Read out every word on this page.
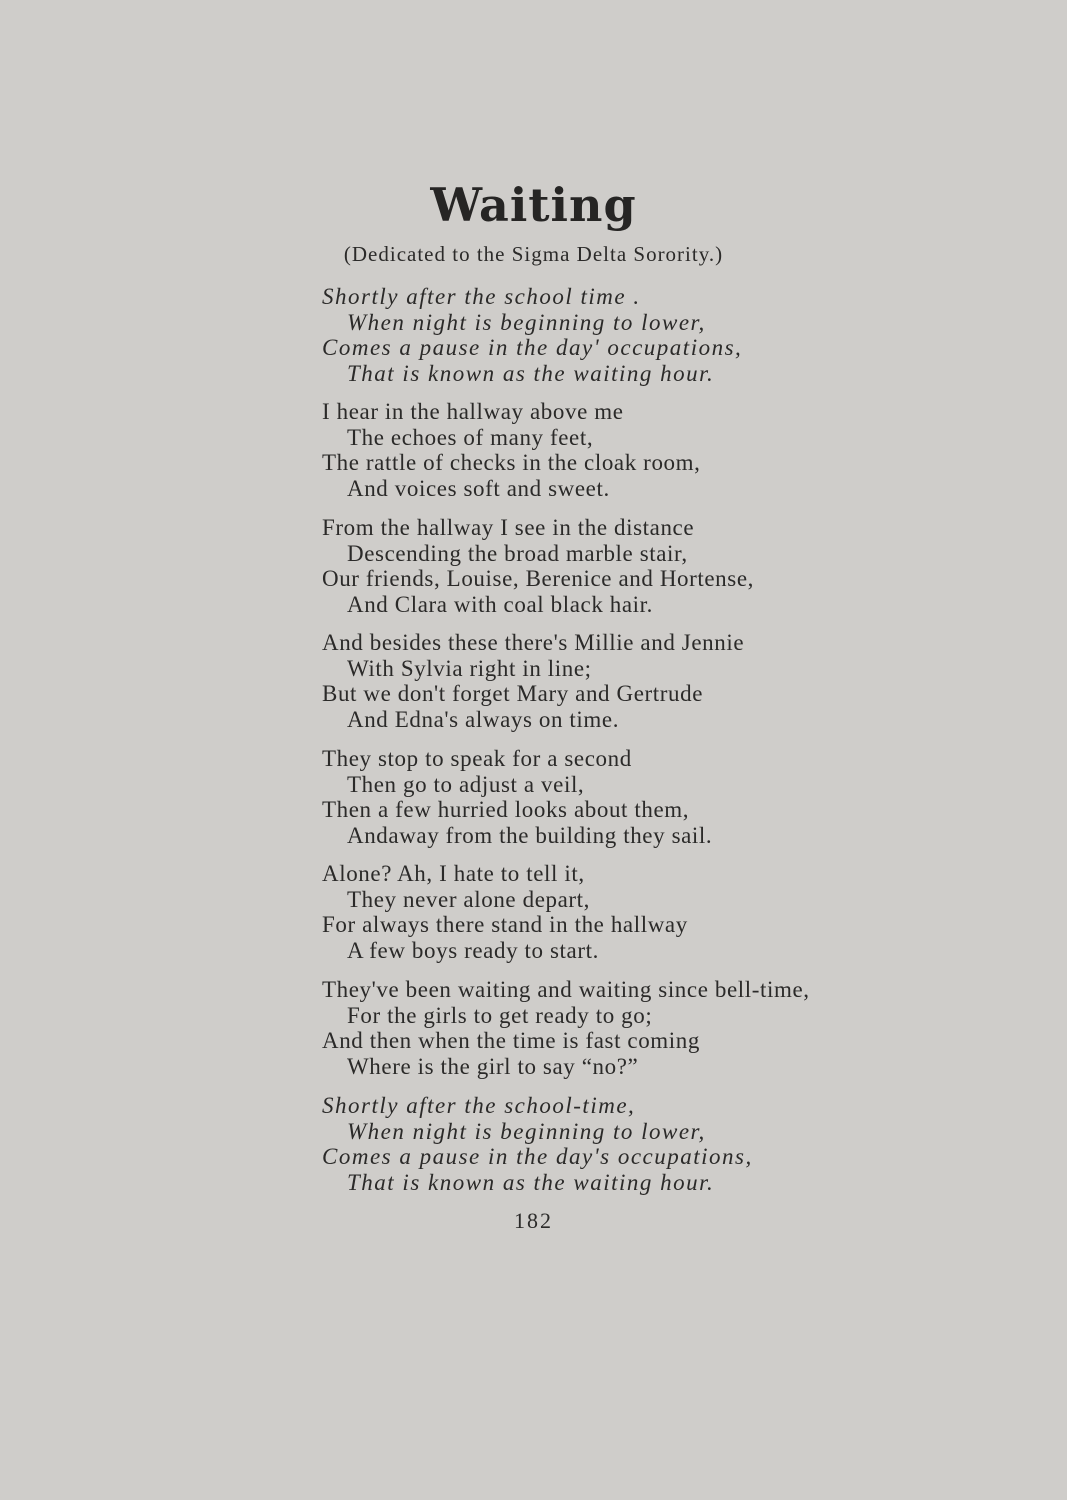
Waiting
(Dedicated to the Sigma Delta Sorority.)
Shortly after the school time .
When night is beginning to lower,
Comes a pause in the day' occupations,
That is known as the waiting hour.
I hear in the hallway above me
The echoes of many feet,
The rattle of checks in the cloak room,
And voices soft and sweet.
From the hallway I see in the distance
Descending the broad marble stair,
Our friends, Louise, Berenice and Hortense,
And Clara with coal black hair.
And besides these there's Millie and Jennie
With Sylvia right in line;
But we don't forget Mary and Gertrude
And Edna's always on time.
They stop to speak for a second
Then go to adjust a veil,
Then a few hurried looks about them,
Andaway from the building they sail.
Alone? Ah, I hate to tell it,
They never alone depart,
For always there stand in the hallway
A few boys ready to start.
They've been waiting and waiting since bell-time,
For the girls to get ready to go;
And then when the time is fast coming
Where is the girl to say “no?”
Shortly after the school-time,
When night is beginning to lower,
Comes a pause in the day's occupations,
That is known as the waiting hour.
182
